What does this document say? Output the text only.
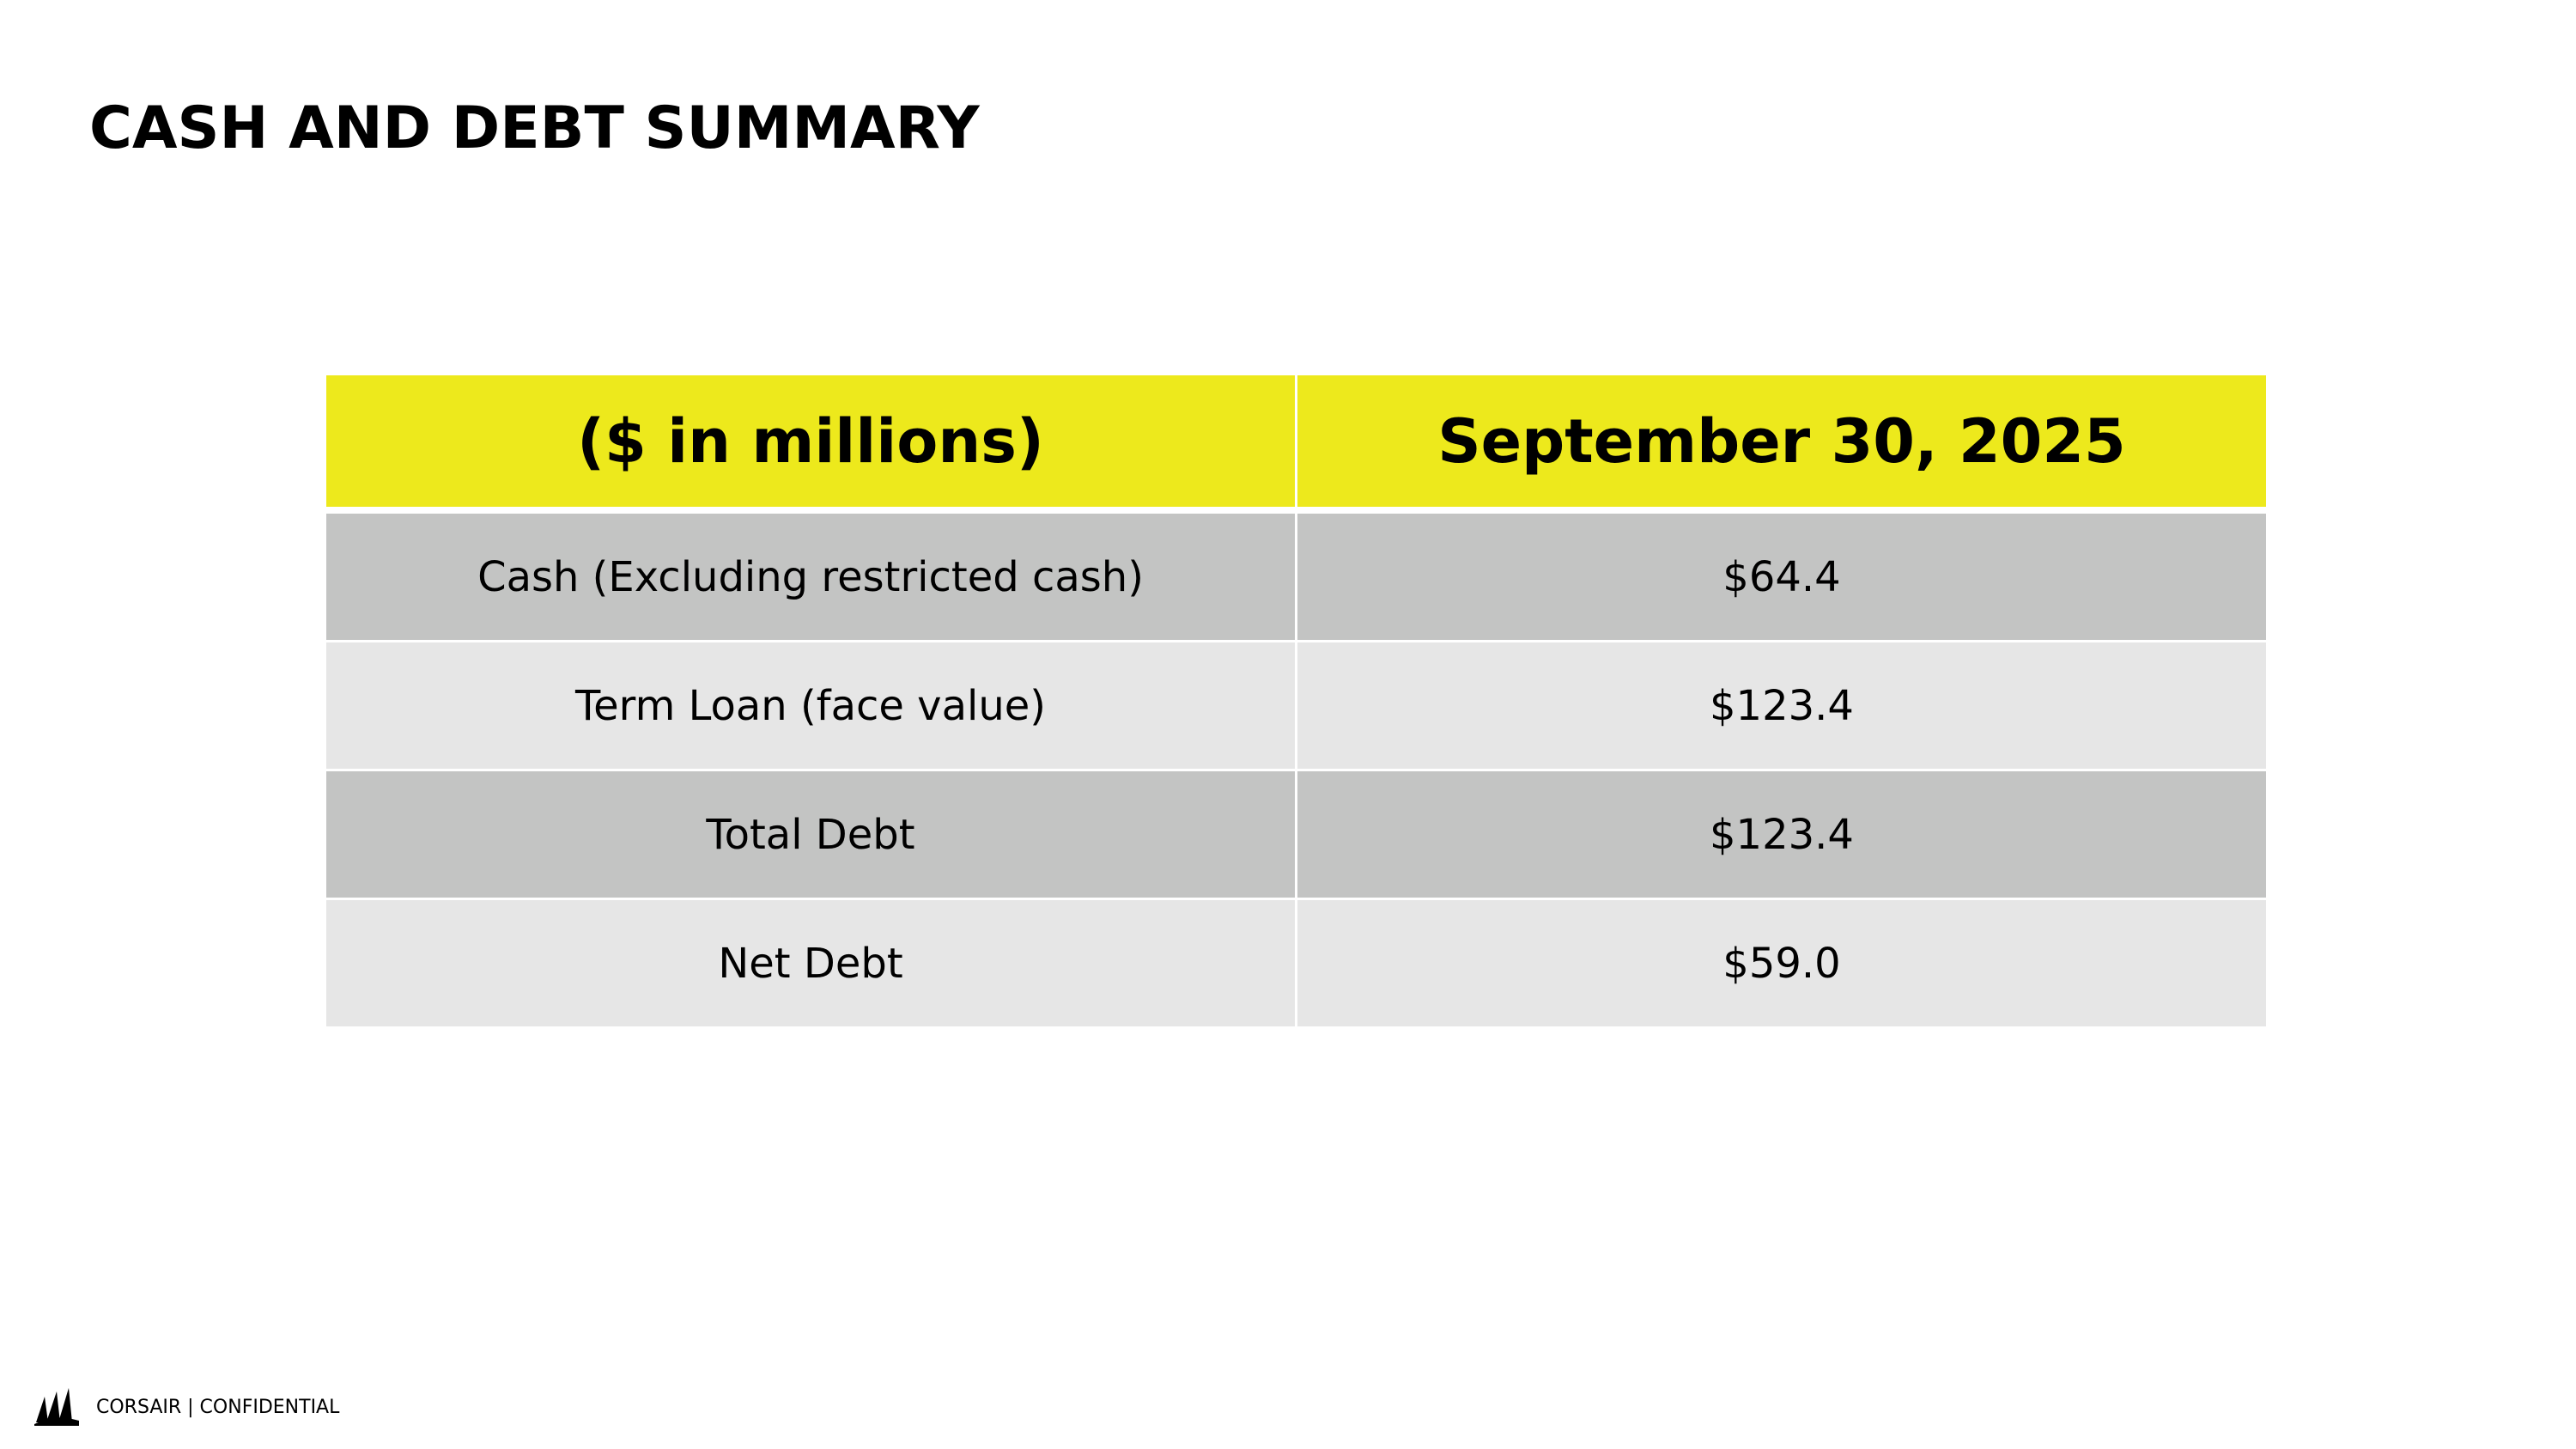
CASH AND DEBT SUMMARY
($ in millions)	September 30, 2025
Cash (Excluding restricted cash)	$64.4
Term Loan (face value)	$123.4
Total Debt	$123.4
Net Debt	$59.0
CORSAIR | CONFIDENTIAL
